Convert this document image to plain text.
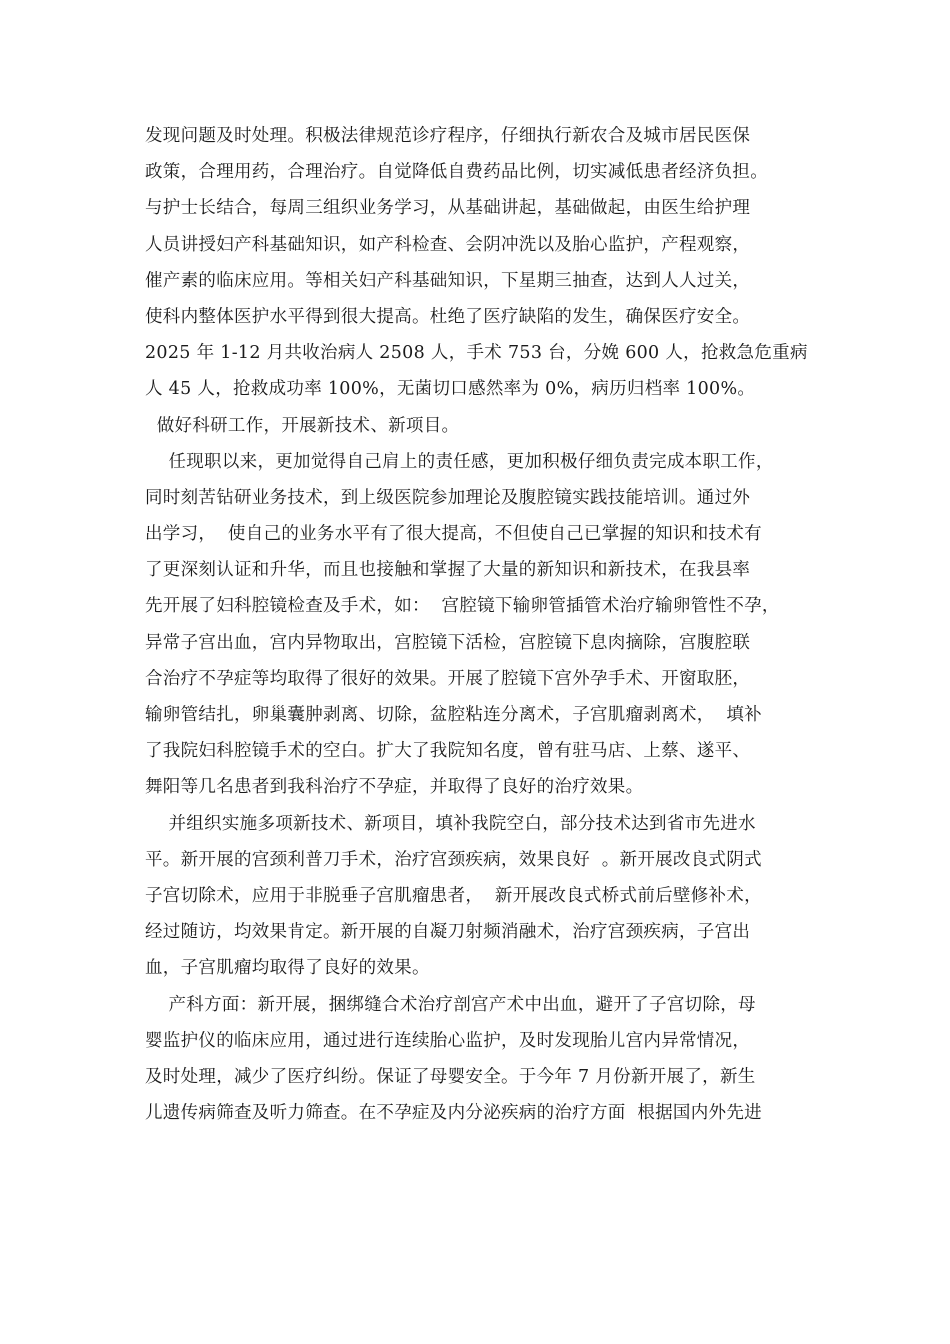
发现问题及时处理。积极法律规范诊疗程序，仔细执行新农合及城市居民医保
政策，合理用药，合理治疗。自觉降低自费药品比例，切实减低患者经济负担。
与护士长结合，每周三组织业务学习，从基础讲起，基础做起，由医生给护理
人员讲授妇产科基础知识，如产科检查、会阴冲洗以及胎心监护，产程观察，
催产素的临床应用。等相关妇产科基础知识，下星期三抽查，达到人人过关，
使科内整体医护水平得到很大提高。杜绝了医疗缺陷的发生，确保医疗安全。
2025 年 1-12 月共收治病人 2508 人，手术 753 台，分娩 600 人，抢救急危重病
人 45 人，抢救成功率 100%，无菌切口感然率为 0%，病历归档率 100%。
做好科研工作，开展新技术、新项目。
任现职以来，更加觉得自己肩上的责任感，更加积极仔细负责完成本职工作，
同时刻苦钻研业务技术，到上级医院参加理论及腹腔镜实践技能培训。通过外
出学习，  使自己的业务水平有了很大提高，不但使自己已掌握的知识和技术有
了更深刻认证和升华，而且也接触和掌握了大量的新知识和新技术，在我县率
先开展了妇科腔镜检查及手术，如：  宫腔镜下输卵管插管术治疗输卵管性不孕，
异常子宫出血，宫内异物取出，宫腔镜下活检，宫腔镜下息肉摘除，宫腹腔联
合治疗不孕症等均取得了很好的效果。开展了腔镜下宫外孕手术、开窗取胚，
输卵管结扎，卵巢囊肿剥离、切除，盆腔粘连分离术，子宫肌瘤剥离术，  填补
了我院妇科腔镜手术的空白。扩大了我院知名度，曾有驻马店、上蔡、遂平、
舞阳等几名患者到我科治疗不孕症，并取得了良好的治疗效果。
并组织实施多项新技术、新项目，填补我院空白，部分技术达到省市先进水
平。新开展的宫颈利普刀手术，治疗宫颈疾病，效果良好  。新开展改良式阴式
子宫切除术，应用于非脱垂子宫肌瘤患者，  新开展改良式桥式前后壁修补术，
经过随访，均效果肯定。新开展的自凝刀射频消融术，治疗宫颈疾病，子宫出
血，子宫肌瘤均取得了良好的效果。
产科方面：新开展，捆绑缝合术治疗剖宫产术中出血，避开了子宫切除，母
婴监护仪的临床应用，通过进行连续胎心监护，及时发现胎儿宫内异常情况，
及时处理，减少了医疗纠纷。保证了母婴安全。于今年 7 月份新开展了，新生
儿遗传病筛查及听力筛查。在不孕症及内分泌疾病的治疗方面  根据国内外先进
